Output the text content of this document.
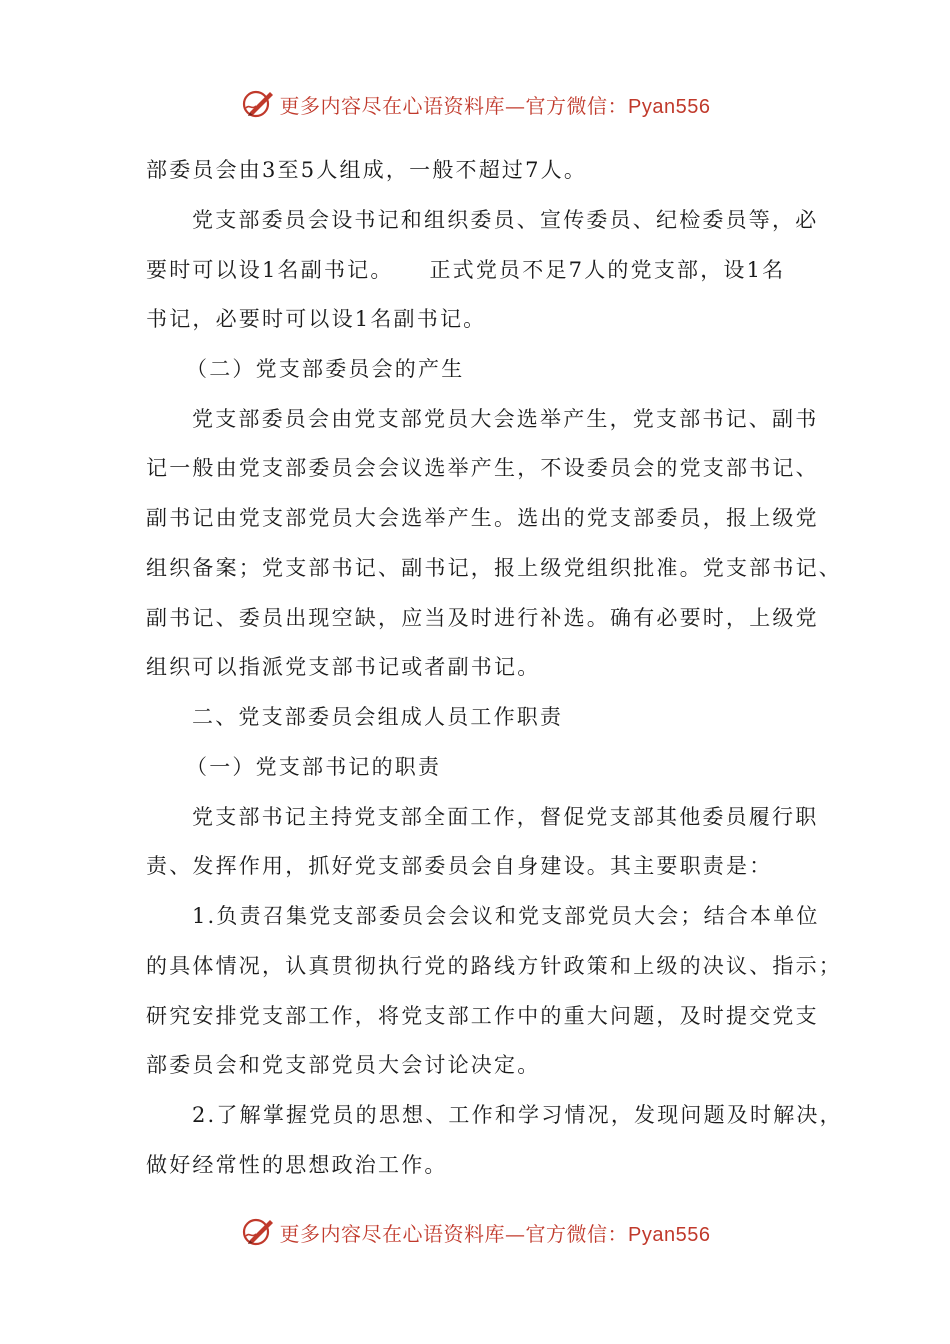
更多内容尽在心语资料库—官方微信：Pyan556
部委员会由3至5人组成，一般不超过7人。
党支部委员会设书记和组织委员、宣传委员、纪检委员等，必
要时可以设1名副书记。　　正式党员不足7人的党支部，设1名
书记，必要时可以设1名副书记。
（二）党支部委员会的产生
党支部委员会由党支部党员大会选举产生，党支部书记、副书
记一般由党支部委员会会议选举产生，不设委员会的党支部书记、
副书记由党支部党员大会选举产生。选出的党支部委员，报上级党
组织备案；党支部书记、副书记，报上级党组织批准。党支部书记、
副书记、委员出现空缺，应当及时进行补选。确有必要时，上级党
组织可以指派党支部书记或者副书记。
二、党支部委员会组成人员工作职责
（一）党支部书记的职责
党支部书记主持党支部全面工作，督促党支部其他委员履行职
责、发挥作用，抓好党支部委员会自身建设。其主要职责是：
1.负责召集党支部委员会会议和党支部党员大会；结合本单位
的具体情况，认真贯彻执行党的路线方针政策和上级的决议、指示；
研究安排党支部工作，将党支部工作中的重大问题，及时提交党支
部委员会和党支部党员大会讨论决定。
2.了解掌握党员的思想、工作和学习情况，发现问题及时解决，
做好经常性的思想政治工作。
更多内容尽在心语资料库—官方微信：Pyan556
